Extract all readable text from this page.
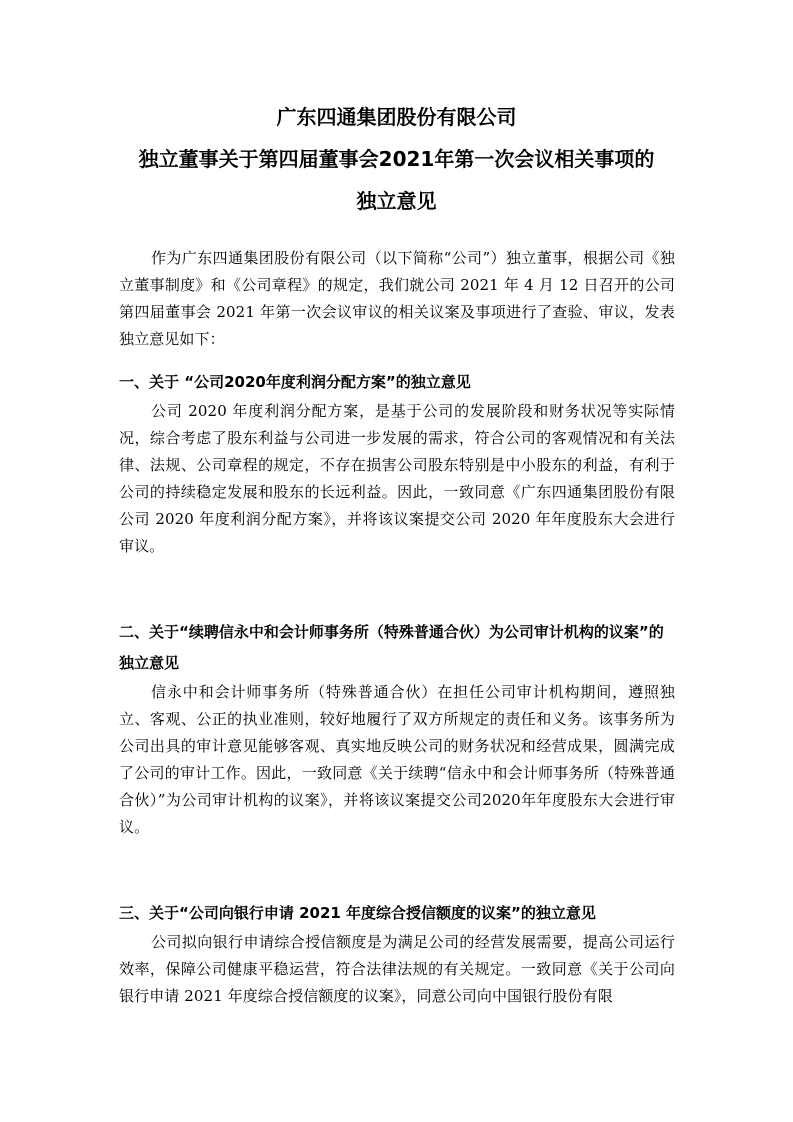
广东四通集团股份有限公司
独立董事关于第四届董事会2021年第一次会议相关事项的
独立意见

作为广东四通集团股份有限公司（以下简称“公司”）独立董事，根据公司《独立董事制度》和《公司章程》的规定，我们就公司 2021 年 4 月 12 日召开的公司第四届董事会 2021 年第一次会议审议的相关议案及事项进行了查验、审议，发表独立意见如下：

一、关于 “公司2020年度利润分配方案”的独立意见

公司 2020 年度利润分配方案，是基于公司的发展阶段和财务状况等实际情况，综合考虑了股东利益与公司进一步发展的需求，符合公司的客观情况和有关法律、法规、公司章程的规定，不存在损害公司股东特别是中小股东的利益，有利于公司的持续稳定发展和股东的长远利益。因此，一致同意《广东四通集团股份有限公司 2020 年度利润分配方案》，并将该议案提交公司 2020 年年度股东大会进行审议。

二、关于“续聘信永中和会计师事务所（特殊普通合伙）为公司审计机构的议案”的独立意见

信永中和会计师事务所（特殊普通合伙）在担任公司审计机构期间，遵照独立、客观、公正的执业准则，较好地履行了双方所规定的责任和义务。该事务所为公司出具的审计意见能够客观、真实地反映公司的财务状况和经营成果，圆满完成了公司的审计工作。因此，一致同意《关于续聘“信永中和会计师事务所（特殊普通合伙）”为公司审计机构的议案》，并将该议案提交公司2020年年度股东大会进行审议。

三、关于“公司向银行申请 2021 年度综合授信额度的议案”的独立意见

公司拟向银行申请综合授信额度是为满足公司的经营发展需要，提高公司运行效率，保障公司健康平稳运营，符合法律法规的有关规定。一致同意《关于公司向银行申请 2021 年度综合授信额度的议案》，同意公司向中国银行股份有限
